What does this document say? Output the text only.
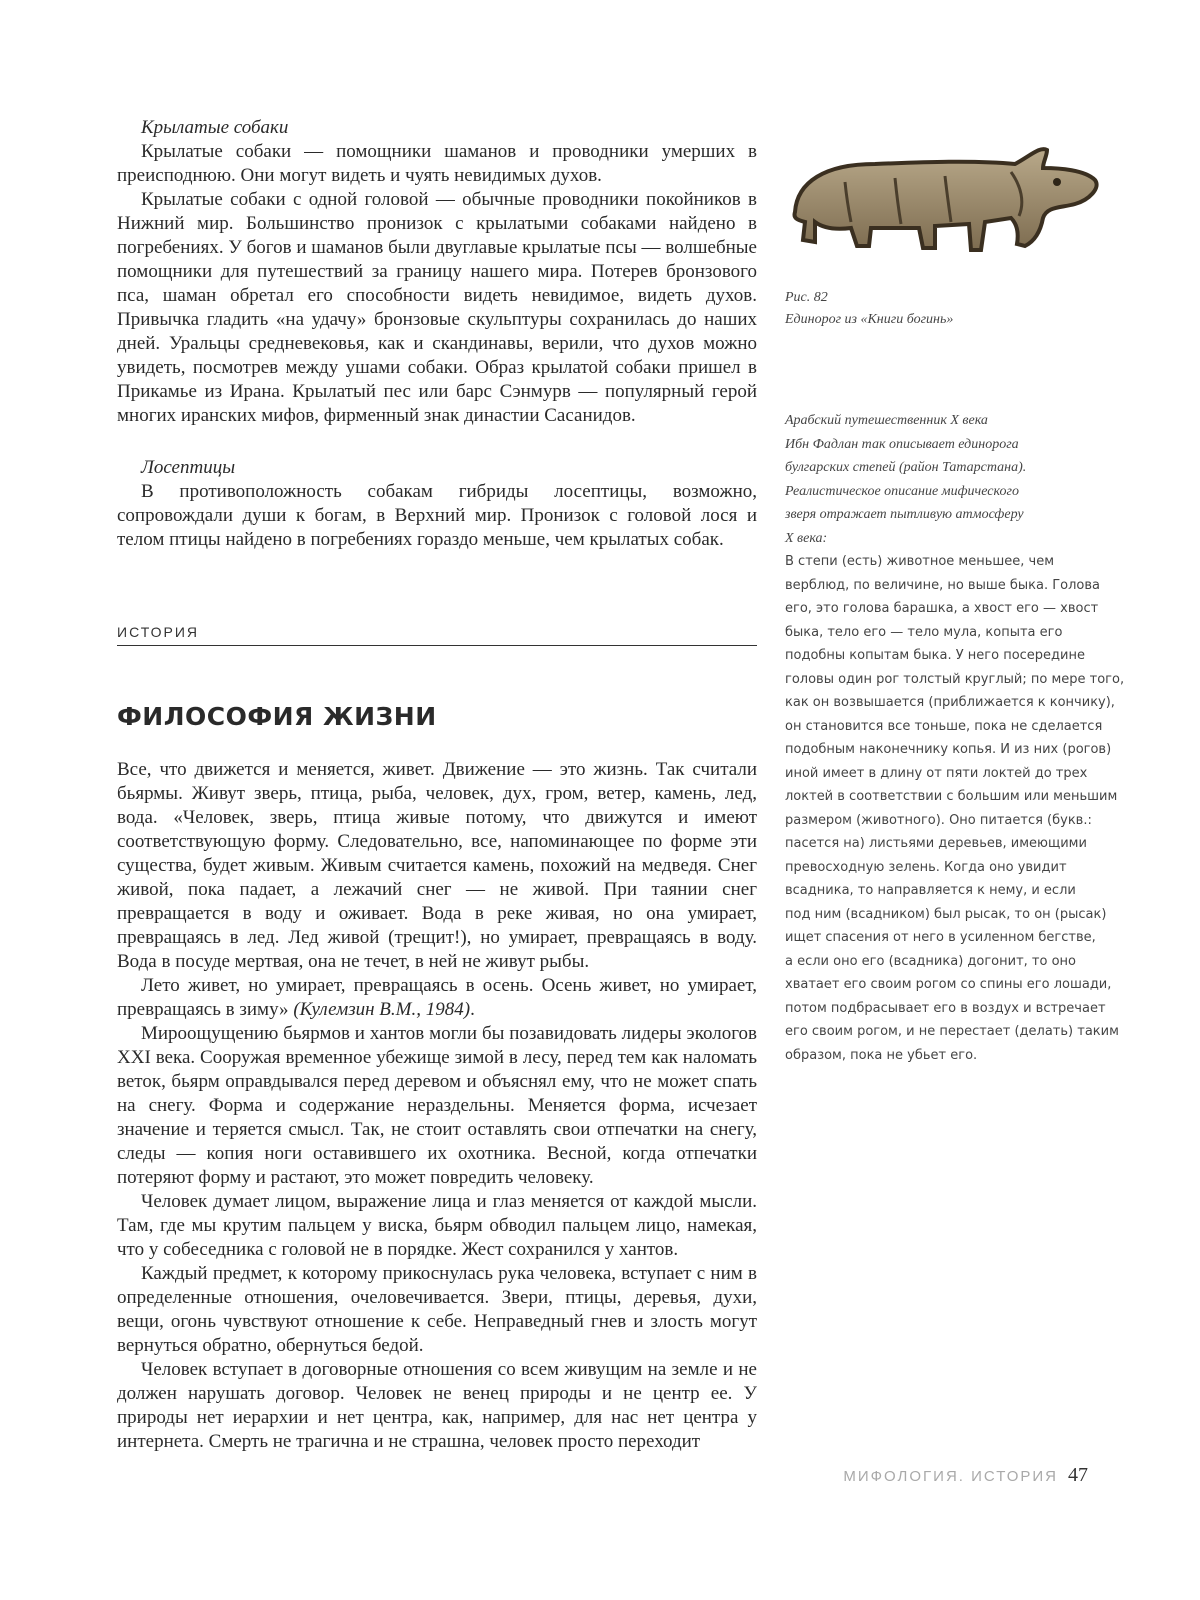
Крылатые собаки

Крылатые собаки — помощники шаманов и проводники умерших в преисподнюю. Они могут видеть и чуять невидимых духов.

Крылатые собаки с одной головой — обычные проводники покойников в Нижний мир. Большинство пронизок с крылатыми собаками найдено в погребениях. У богов и шаманов были двуглавые крылатые псы — волшебные помощники для путешествий за границу нашего мира. Потерев бронзового пса, шаман обретал его способности видеть невидимое, видеть духов. Привычка гладить «на удачу» бронзовые скульптуры сохранилась до наших дней. Уральцы средневековья, как и скандинавы, верили, что духов можно увидеть, посмотрев между ушами собаки. Образ крылатой собаки пришел в Прикамье из Ирана. Крылатый пес или барс Сэнмурв — популярный герой многих иранских мифов, фирменный знак династии Сасанидов.

Лосептицы

В противоположность собакам гибриды лосептицы, возможно, сопровождали души к богам, в Верхний мир. Пронизок с головой лося и телом птицы найдено в погребениях гораздо меньше, чем крылатых собак.

ИСТОРИЯ
ФИЛОСОФИЯ ЖИЗНИ

Все, что движется и меняется, живет. Движение — это жизнь. Так считали бьярмы. Живут зверь, птица, рыба, человек, дух, гром, ветер, камень, лед, вода. «Человек, зверь, птица живые потому, что движутся и имеют соответствующую форму. Следовательно, все, напоминающее по форме эти существа, будет живым. Живым считается камень, похожий на медведя. Снег живой, пока падает, а лежачий снег — не живой. При таянии снег превращается в воду и оживает. Вода в реке живая, но она умирает, превращаясь в лед. Лед живой (трещит!), но умирает, превращаясь в воду. Вода в посуде мертвая, она не течет, в ней не живут рыбы.

Лето живет, но умирает, превращаясь в осень. Осень живет, но умирает, превращаясь в зиму» (Кулемзин В.М., 1984).

Мироощущению бьярмов и хантов могли бы позавидовать лидеры экологов XXI века. Сооружая временное убежище зимой в лесу, перед тем как наломать веток, бьярм оправдывался перед деревом и объяснял ему, что не может спать на снегу. Форма и содержание нераздельны. Меняется форма, исчезает значение и теряется смысл. Так, не стоит оставлять свои отпечатки на снегу, следы — копия ноги оставившего их охотника. Весной, когда отпечатки потеряют форму и растают, это может повредить человеку.

Человек думает лицом, выражение лица и глаз меняется от каждой мысли. Там, где мы крутим пальцем у виска, бьярм обводил пальцем лицо, намекая, что у собеседника с головой не в порядке. Жест сохранился у хантов.

Каждый предмет, к которому прикоснулась рука человека, вступает с ним в определенные отношения, очеловечивается. Звери, птицы, деревья, духи, вещи, огонь чувствуют отношение к себе. Неправедный гнев и злость могут вернуться обратно, обернуться бедой.

Человек вступает в договорные отношения со всем живущим на земле и не должен нарушать договор. Человек не венец природы и не центр ее. У природы нет иерархии и нет центра, как, например, для нас нет центра у интернета. Смерть не трагична и не страшна, человек просто переходит

Рис. 82

Единорог из «Книги богинь»

Арабский путешественник X века

Ибн Фадлан так описывает единорога

булгарских степей (район Татарстана).

Реалистическое описание мифического

зверя отражает пытливую атмосферу

X века:

В степи (есть) животное меньшее, чем
верблюд, по величине, но выше быка. Голова
его, это голова барашка, а хвост его — хвост
быка, тело его — тело мула, копыта его
подобны копытам быка. У него посередине
головы один рог толстый круглый; по мере того,
как он возвышается (приближается к кончику),
он становится все тоньше, пока не сделается
подобным наконечнику копья. И из них (рогов)
иной имеет в длину от пяти локтей до трех
локтей в соответствии с большим или меньшим
размером (животного). Оно питается (букв.:
пасется на) листьями деревьев, имеющими
превосходную зелень. Когда оно увидит
всадника, то направляется к нему, и если
под ним (всадником) был рысак, то он (рысак)
ищет спасения от него в усиленном бегстве,
а если оно его (всадника) догонит, то оно
хватает его своим рогом со спины его лошади,
потом подбрасывает его в воздух и встречает
его своим рогом, и не перестает (делать) таким
образом, пока не убьет его.
МИФОЛОГИЯ. ИСТОРИЯ 47
